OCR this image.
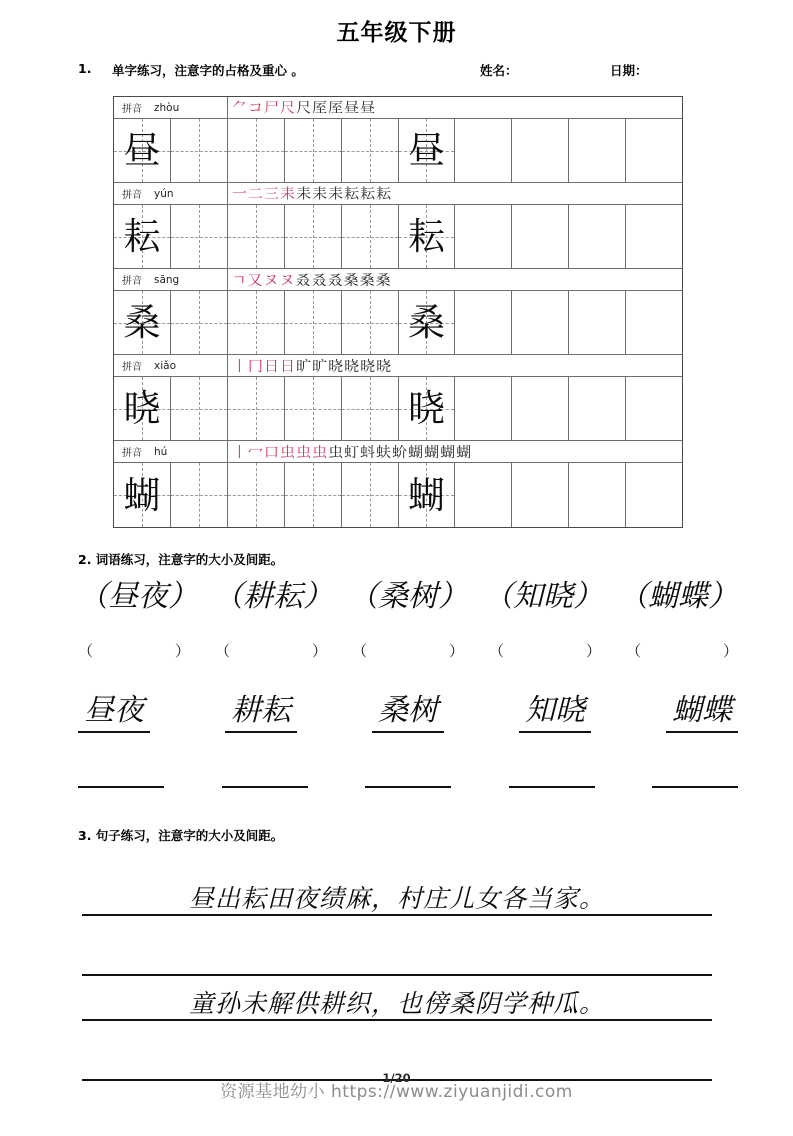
五年级下册
1. 单字练习，注意字的占格及重心 。	姓名：	日期：
拼音 zhòu	⺈ コ 尸 尺 尺 厔 厔 昼 昼
昼	昼
拼音 yún	一 二 三 耒 耒 耒 耒 耘 耘 耘
耘	耘
拼音 sāng	ㄱ 又 ヌ ヌ 叒 叒 叒 桑 桑 桑
桑	桑
拼音 xiǎo	丨 冂 日 日 旷 旷 晓 晓 晓 晓
晓	晓
拼音 hú	丨 冖 口 虫 虫 虫 虫 虰 蚪 蚨 蚧 蝴 蝴 蝴 蝴
蝴	蝴
2. 词语练习，注意字的大小及间距。
（昼夜） （耕耘） （桑树） （知晓） （蝴蝶）
（	） （	） （	） （	） （	）
昼夜	耕耘	桑树	知晓	蝴蝶
3. 句子练习，注意字的大小及间距。
昼出耘田夜绩麻，村庄儿女各当家。
童孙未解供耕织，也傍桑阴学种瓜。
1/20
资源基地幼小 https://www.ziyuanjidi.com
